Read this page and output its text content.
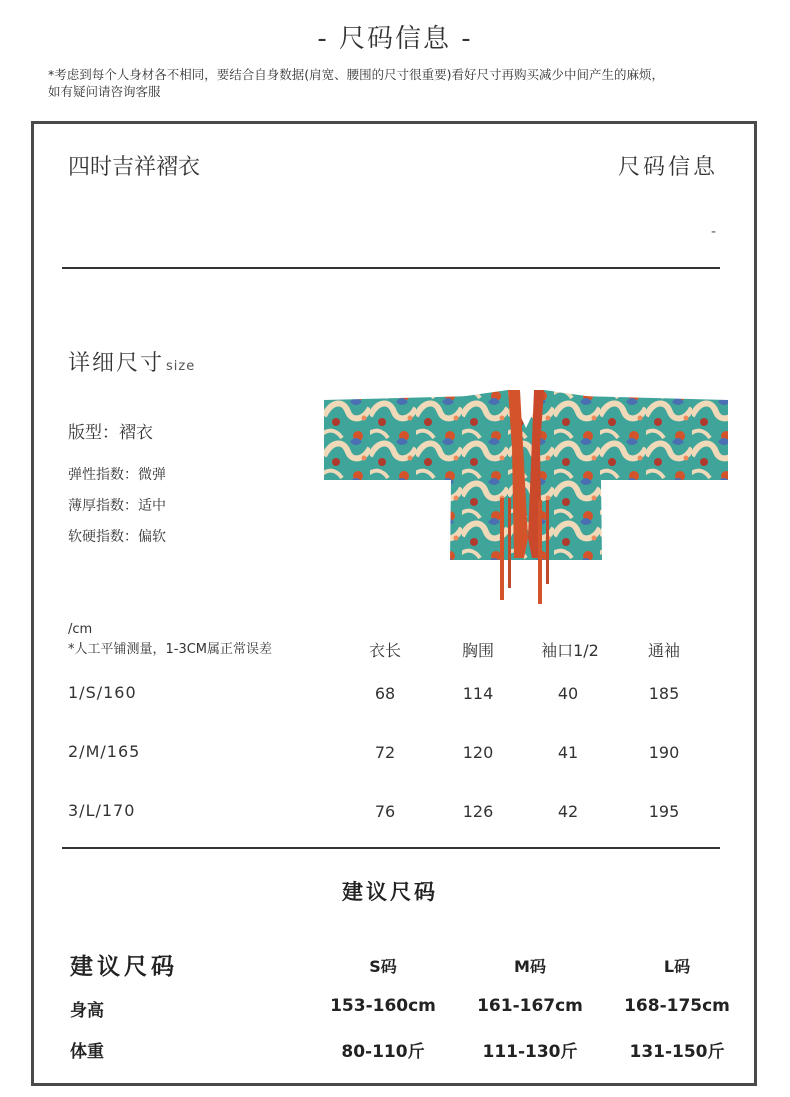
- 尺码信息 -
*考虑到每个人身材各不相同，要结合自身数据(肩宽、腰围的尺寸很重要)看好尺寸再购买减少中间产生的麻烦，
如有疑问请咨询客服
四时吉祥褶衣	尺码信息
-
详细尺寸 size
版型：褶衣
弹性指数：微弹
薄厚指数：适中
软硬指数：偏软
/cm
*人工平铺测量，1-3CM属正常误差	衣长	胸围	袖口1/2	通袖
1/S/160	68	114	40	185
2/M/165	72	120	41	190
3/L/170	76	126	42	195
建议尺码
建议尺码	S码	M码	L码
身高	153-160cm	161-167cm	168-175cm
体重	80-110斤	111-130斤	131-150斤
